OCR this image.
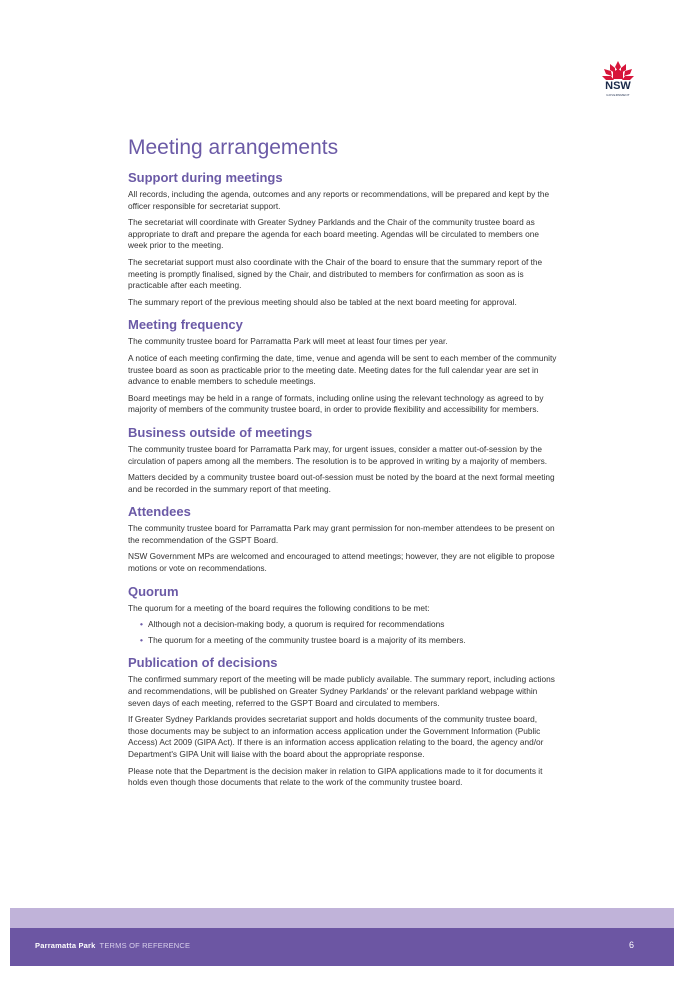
NSW
GOVERNMENT
Meeting arrangements
Support during meetings

All records, including the agenda, outcomes and any reports or recommendations, will be prepared and kept by the officer responsible for secretariat support.

The secretariat will coordinate with Greater Sydney Parklands and the Chair of the community trustee board as appropriate to draft and prepare the agenda for each board meeting. Agendas will be circulated to members one week prior to the meeting.

The secretariat support must also coordinate with the Chair of the board to ensure that the summary report of the meeting is promptly finalised, signed by the Chair, and distributed to members for confirmation as soon as is practicable after each meeting.

The summary report of the previous meeting should also be tabled at the next board meeting for approval.

Meeting frequency

The community trustee board for Parramatta Park will meet at least four times per year.

A notice of each meeting confirming the date, time, venue and agenda will be sent to each member of the community trustee board as soon as practicable prior to the meeting date. Meeting dates for the full calendar year are set in advance to enable members to schedule meetings.

Board meetings may be held in a range of formats, including online using the relevant technology as agreed to by majority of members of the community trustee board, in order to provide flexibility and accessibility for members.

Business outside of meetings

The community trustee board for Parramatta Park may, for urgent issues, consider a matter out-of-session by the circulation of papers among all the members. The resolution is to be approved in writing by a majority of members.

Matters decided by a community trustee board out-of-session must be noted by the board at the next formal meeting and be recorded in the summary report of that meeting.

Attendees

The community trustee board for Parramatta Park may grant permission for non-member attendees to be present on the recommendation of the GSPT Board.

NSW Government MPs are welcomed and encouraged to attend meetings; however, they are not eligible to propose motions or vote on recommendations.

Quorum

The quorum for a meeting of the board requires the following conditions to be met:

• Although not a decision-making body, a quorum is required for recommendations
• The quorum for a meeting of the community trustee board is a majority of its members.
Publication of decisions

The confirmed summary report of the meeting will be made publicly available. The summary report, including actions and recommendations, will be published on Greater Sydney Parklands' or the relevant parkland webpage within seven days of each meeting, referred to the GSPT Board and circulated to members.

If Greater Sydney Parklands provides secretariat support and holds documents of the community trustee board, those documents may be subject to an information access application under the Government Information (Public Access) Act 2009 (GIPA Act). If there is an information access application relating to the board, the agency and/or Department's GIPA Unit will liaise with the board about the appropriate response.

Please note that the Department is the decision maker in relation to GIPA applications made to it for documents it holds even though those documents that relate to the work of the community trustee board.

Parramatta Park TERMS OF REFERENCE	6
